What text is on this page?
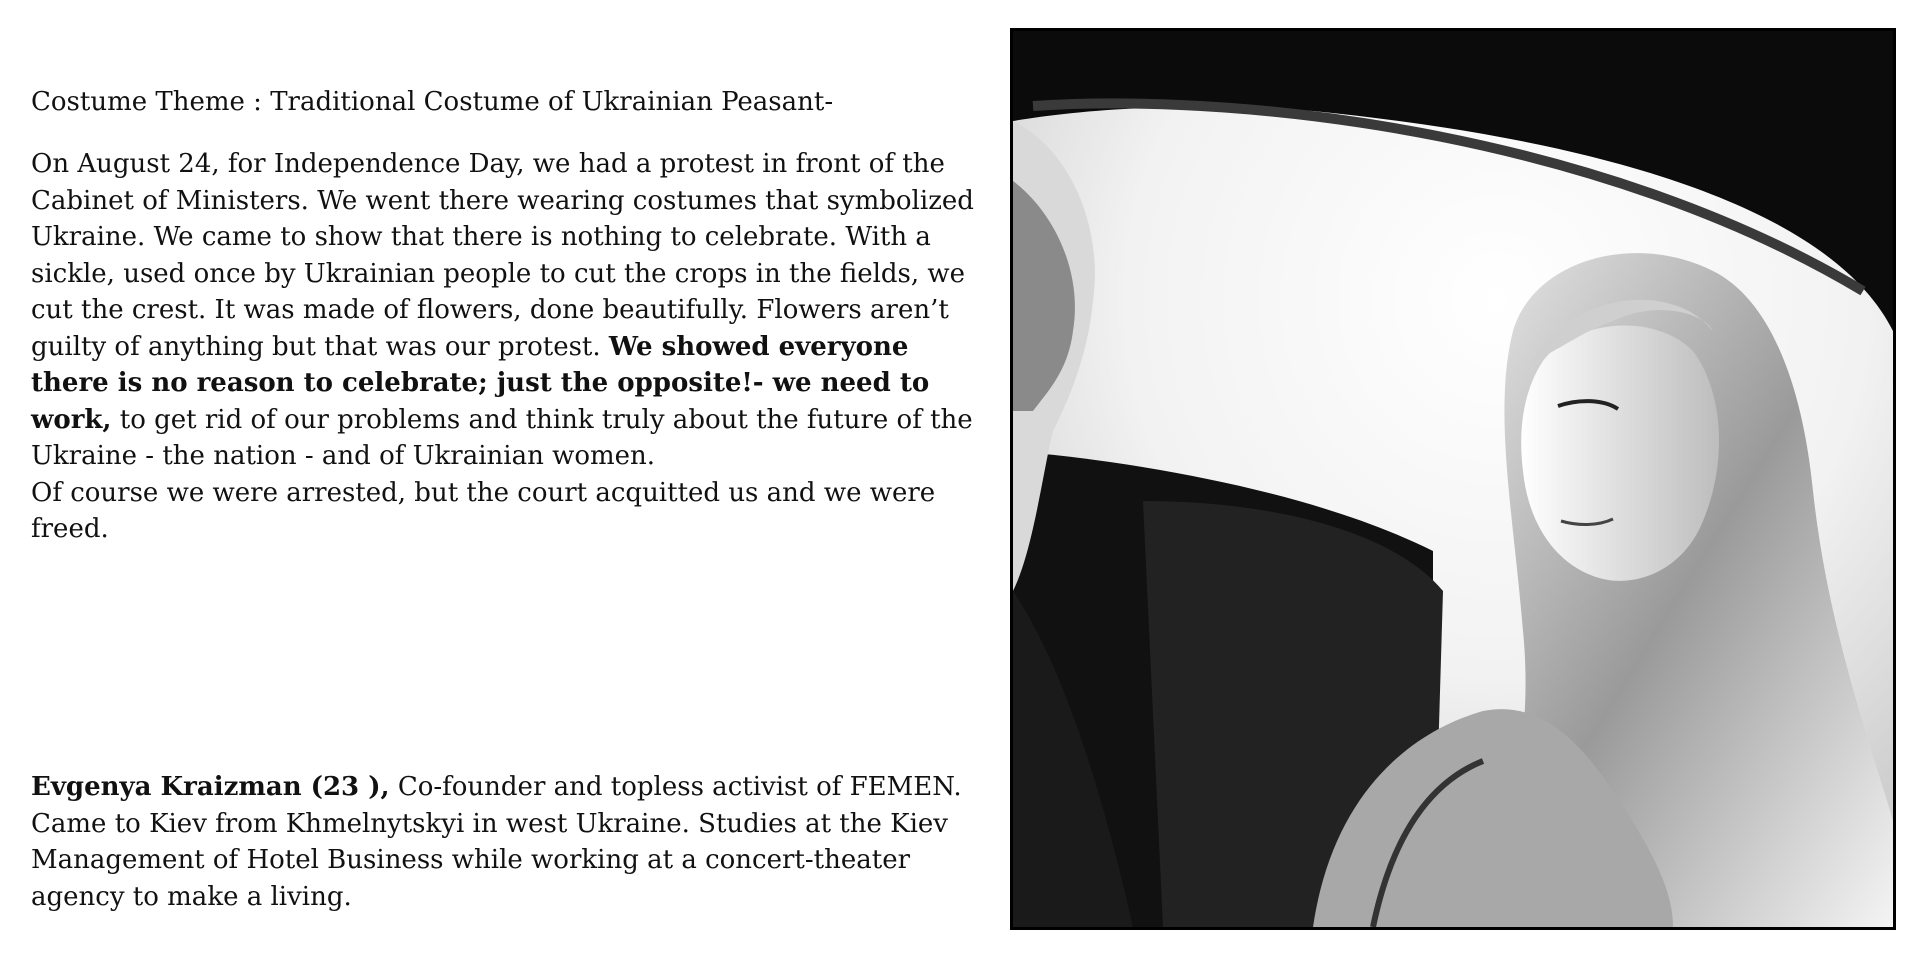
Costume Theme : Traditional Costume of Ukrainian Peasant-

On August 24, for Independence Day, we had a protest in front of the Cabinet of Ministers. We went there wearing costumes that symbolized Ukraine. We came to show that there is nothing to celebrate. With a sickle, used once by Ukrainian people to cut the crops in the fields, we cut the crest. It was made of flowers, done beautifully. Flowers aren’t guilty of anything but that was our protest. We showed everyone there is no reason to celebrate; just the opposite!- we need to work, to get rid of our problems and think truly about the future of the Ukraine - the nation - and of Ukrainian women.
Of course we were arrested, but the court acquitted us and we were freed.

Evgenya Kraizman (23 ), Co-founder and topless activist of FEMEN. Came to Kiev from Khmelnytskyi in west Ukraine. Studies at the Kiev Management of Hotel Business while working at a concert-theater agency to make a living.
